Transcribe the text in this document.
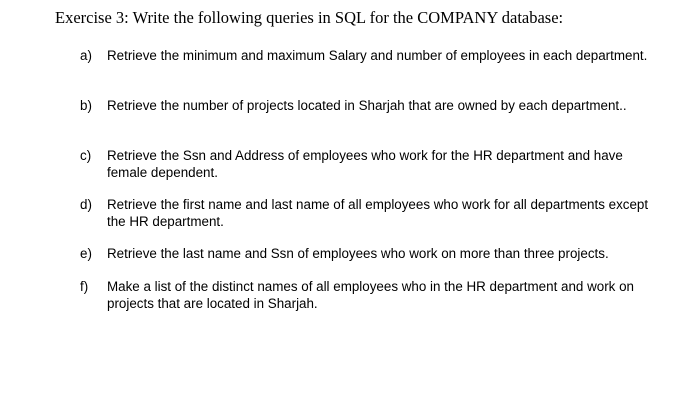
Exercise 3: Write the following queries in SQL for the COMPANY database:
a)	Retrieve the minimum and maximum Salary and number of employees in each department.
b)	Retrieve the number of projects located in Sharjah that are owned by each department..
c)	Retrieve the Ssn and Address of employees who work for the HR department and have female dependent.
d)	Retrieve the first name and last name of all employees who work for all departments except the HR department.
e)	Retrieve the last name and Ssn of employees who work on more than three projects.
f)	Make a list of the distinct names of all employees who in the HR department and work on projects that are located in Sharjah.
